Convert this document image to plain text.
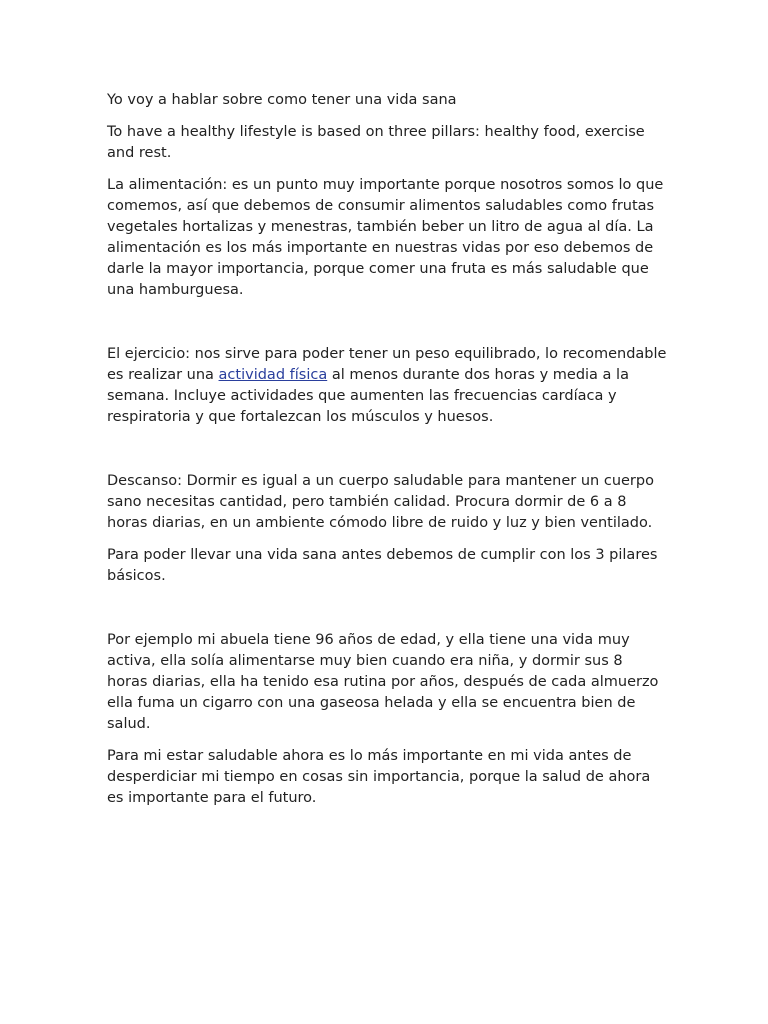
Yo voy a hablar sobre como tener una vida sana

To have a healthy lifestyle is based on three pillars: healthy food, exercise and rest.

La alimentación: es un punto muy importante porque nosotros somos lo que comemos, así que debemos de consumir alimentos saludables como frutas vegetales hortalizas y menestras, también beber un litro de agua al día. La alimentación es los más importante en nuestras vidas por eso debemos de darle la mayor importancia, porque comer una fruta es más saludable que una hamburguesa.

El ejercicio: nos sirve para poder tener un peso equilibrado, lo recomendable es realizar una actividad física al menos durante dos horas y media a la semana. Incluye actividades que aumenten las frecuencias cardíaca y respiratoria y que fortalezcan los músculos y huesos.

Descanso: Dormir es igual a un cuerpo saludable para mantener un cuerpo sano necesitas cantidad, pero también calidad. Procura dormir de 6 a 8 horas diarias, en un ambiente cómodo libre de ruido y luz y bien ventilado.

Para poder llevar una vida sana antes debemos de cumplir con los 3 pilares básicos.

Por ejemplo mi abuela tiene 96 años de edad, y ella tiene una vida muy activa, ella solía alimentarse muy bien cuando era niña, y dormir sus 8 horas diarias, ella ha tenido esa rutina por años, después de cada almuerzo ella fuma un cigarro con una gaseosa helada y ella se encuentra bien de salud.

Para mi estar saludable ahora es lo más importante en mi vida antes de desperdiciar mi tiempo en cosas sin importancia, porque la salud de ahora es importante para el futuro.
